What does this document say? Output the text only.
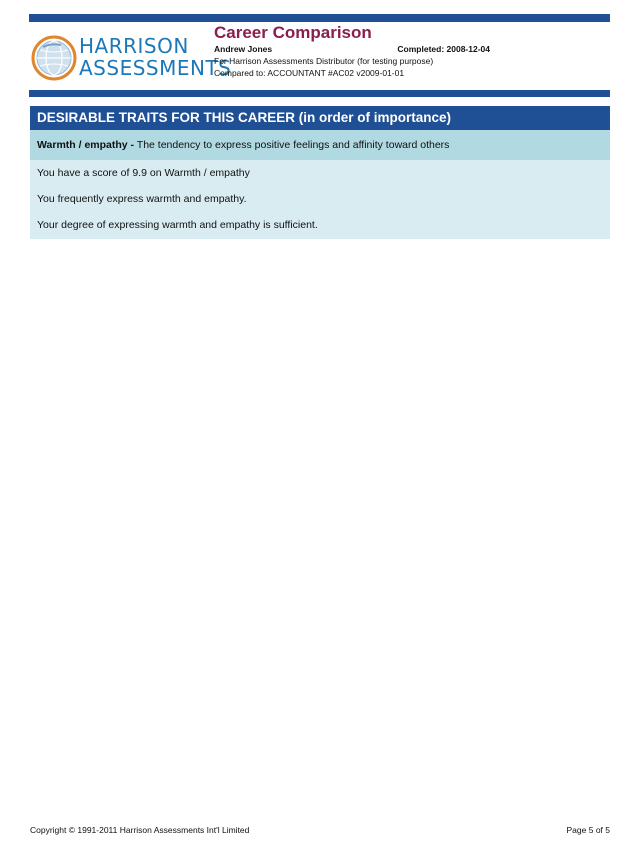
HARRISON
ASSESSMENTS
Career Comparison
Andrew Jones	Completed: 2008-12-04
For Harrison Assessments Distributor (for testing purpose)
Compared to: ACCOUNTANT #AC02 v2009-01-01
DESIRABLE TRAITS FOR THIS CAREER (in order of importance)
Warmth / empathy - The tendency to express positive feelings and affinity toward others
You have a score of 9.9 on Warmth / empathy
You frequently express warmth and empathy.
Your degree of expressing warmth and empathy is sufficient.
Copyright © 1991-2011 Harrison Assessments Int'l Limited	Page 5 of 5
